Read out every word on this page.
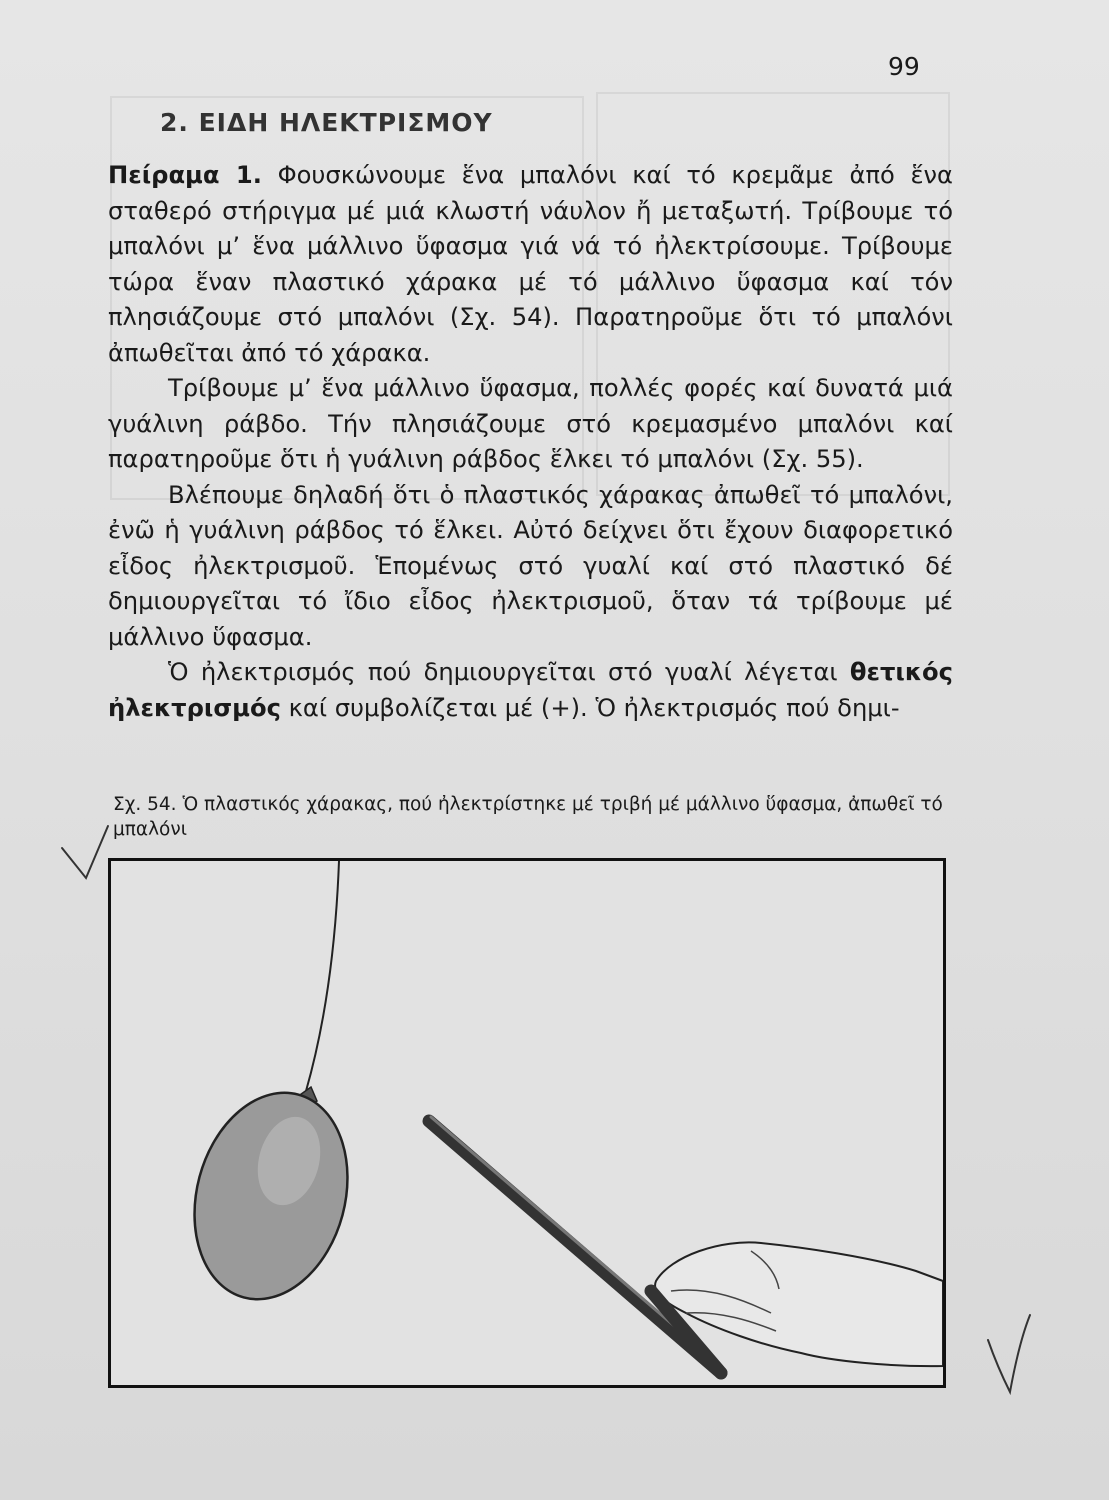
99
2. ΕΙΔΗ ΗΛΕΚΤΡΙΣΜΟΥ

Πείραμα 1. Φουσκώνουμε ἕνα μπαλόνι καί τό κρεμᾶμε ἀπό ἕνα σταθερό στήριγμα μέ μιά κλωστή νάυλον ἤ μεταξωτή. Τρίβουμε τό μπαλόνι μ’ ἕνα μάλλινο ὕφασμα γιά νά τό ἠλεκτρίσουμε. Τρίβουμε τώρα ἕναν πλαστικό χάρακα μέ τό μάλλινο ὕφασμα καί τόν πλησιάζουμε στό μπαλόνι (Σχ. 54). Παρατηροῦμε ὅτι τό μπαλόνι ἀπωθεῖται ἀπό τό χάρακα.

Τρίβουμε μ’ ἕνα μάλλινο ὕφασμα, πολλές φορές καί δυνατά μιά γυάλινη ράβδο. Τήν πλησιάζουμε στό κρεμασμένο μπαλόνι καί παρατηροῦμε ὅτι ἡ γυάλινη ράβδος ἕλκει τό μπαλόνι (Σχ. 55).

Βλέπουμε δηλαδή ὅτι ὁ πλαστικός χάρακας ἀπωθεῖ τό μπαλόνι, ἐνῶ ἡ γυάλινη ράβδος τό ἕλκει. Αὐτό δείχνει ὅτι ἔχουν διαφορετικό εἶδος ἠλεκτρισμοῦ. Ἑπομένως στό γυαλί καί στό πλαστικό δέ δημιουργεῖται τό ἴδιο εἶδος ἠλεκτρισμοῦ, ὅταν τά τρίβουμε μέ μάλλινο ὕφασμα.

Ὁ ἠλεκτρισμός πού δημιουργεῖται στό γυαλί λέγεται θετικός ἠλεκτρισμός καί συμβολίζεται μέ (+). Ὁ ἠλεκτρισμός πού δημι-

Σχ. 54. Ὁ πλαστικός χάρακας, πού ἠλεκτρίστηκε μέ τριβή μέ μάλλινο ὕφασμα, ἀπωθεῖ τό μπαλόνι
